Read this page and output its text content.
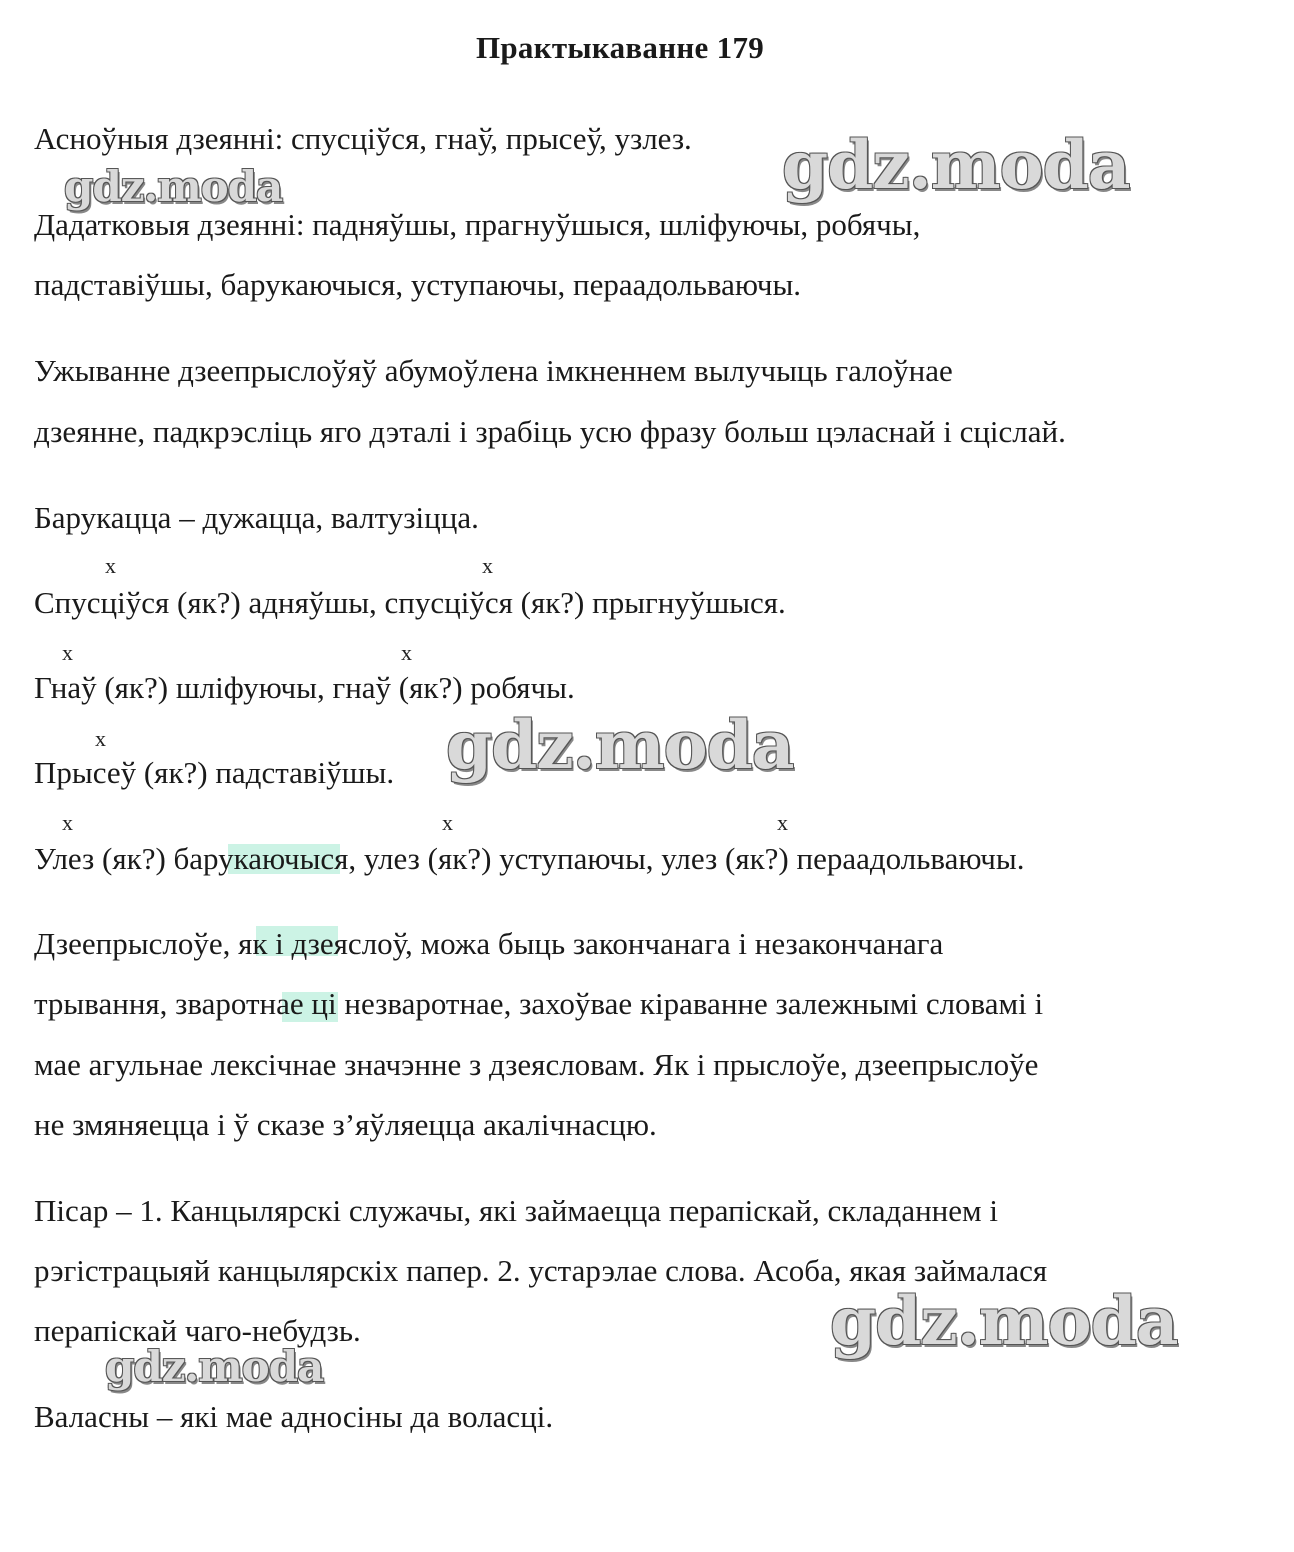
Практыкаванне 179
Асноўныя дзеянні: спусціўся, гнаў, прысеў, узлез.
Дадатковыя дзеянні: падняўшы, прагнуўшыся, шліфуючы, робячы,
падставіўшы, барукаючыся, уступаючы, пераадольваючы.
Ужыванне дзеепрыслоўяў абумоўлена імкненнем вылучыць галоўнае
дзеянне, падкрэсліць яго дэталі і зрабіць усю фразу больш цэласнай і сціслай.
Барукацца – дужацца, валтузіцца.
x	x
Спусціўся (як?) адняўшы, спусціўся (як?) прыгнуўшыся.
x	x
Гнаў (як?) шліфуючы, гнаў (як?) робячы.
x
Прысеў (як?) падставіўшы.
x	x	x
Улез (як?) барукаючыся, улез (як?) уступаючы, улез (як?) пераадольваючы.
Дзеепрыслоўе, як і дзеяслоў, можа быць закончанага і незакончанага
трывання, зваротнае ці незваротнае, захоўвае кіраванне залежнымі словамі і
мае агульнае лексічнае значэнне з дзеясловам. Як і прыслоўе, дзеепрыслоўе
не змяняецца і ў сказе з’яўляецца акалічнасцю.
Пісар – 1. Канцылярскі служачы, які займаецца перапіскай, складаннем і
рэгістрацыяй канцылярскіх папер. 2. устарэлае слова. Асоба, якая займалася
перапіскай чаго-небудзь.
Валасны – які мае адносіны да воласці.
gdz.moda	gdz.moda
gdz.moda
gdz.moda
gdz.moda
